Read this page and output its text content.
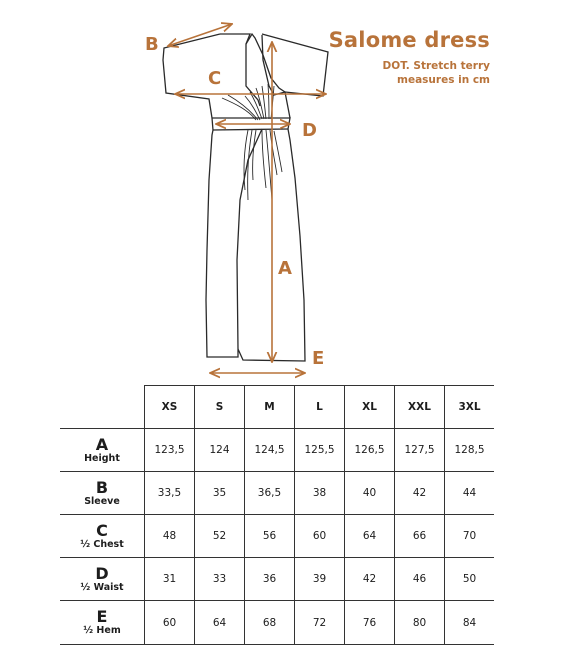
B
C
D
A
E
Salome dress
DOT. Stretch terry
measures in cm
	XS	S	M	L	XL	XXL	3XL

A
Height	123,5	124	124,5	125,5	126,5	127,5	128,5

B
Sleeve	33,5	35	36,5	38	40	42	44

C
½ Chest	48	52	56	60	64	66	70

D
½ Waist	31	33	36	39	42	46	50

E
½ Hem	60	64	68	72	76	80	84
